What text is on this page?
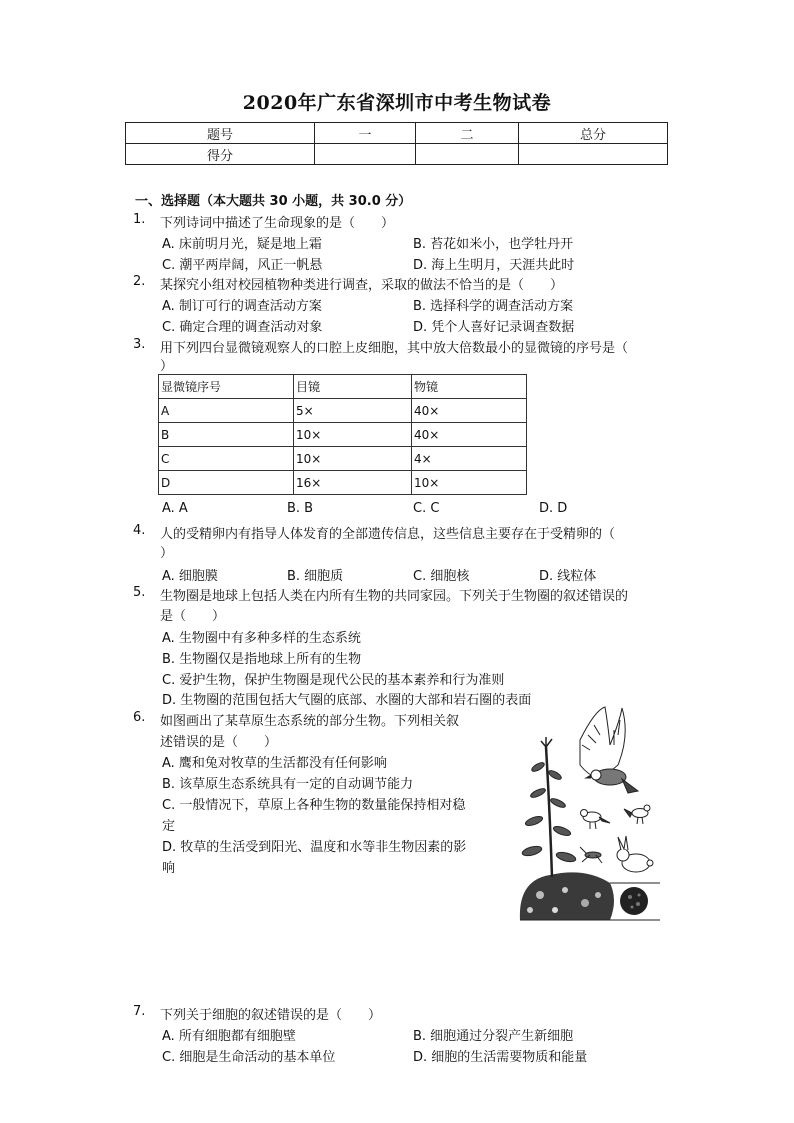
2020年广东省深圳市中考生物试卷
题号	一	二	总分
得分			
一、选择题（本大题共 30 小题，共 30.0 分）
1. 下列诗词中描述了生命现象的是（　　）
A. 床前明月光，疑是地上霜	B. 苔花如米小，也学牡丹开
C. 潮平两岸阔，风正一帆悬	D. 海上生明月，天涯共此时
2. 某探究小组对校园植物种类进行调查，采取的做法不恰当的是（　　）
A. 制订可行的调查活动方案	B. 选择科学的调查活动方案
C. 确定合理的调查活动对象	D. 凭个人喜好记录调查数据
3. 用下列四台显微镜观察人的口腔上皮细胞，其中放大倍数最小的显微镜的序号是（
）
显微镜序号	目镜	物镜
A	5×	40×
B	10×	40×
C	10×	4×
D	16×	10×
A. A	B. B	C. C	D. D
4. 人的受精卵内有指导人体发育的全部遗传信息，这些信息主要存在于受精卵的（
）
A. 细胞膜	B. 细胞质	C. 细胞核	D. 线粒体
5. 生物圈是地球上包括人类在内所有生物的共同家园。下列关于生物圈的叙述错误的
是（　　）
A. 生物圈中有多种多样的生态系统
B. 生物圈仅是指地球上所有的生物
C. 爱护生物，保护生物圈是现代公民的基本素养和行为准则
D. 生物圈的范围包括大气圈的底部、水圈的大部和岩石圈的表面
6. 如图画出了某草原生态系统的部分生物。下列相关叙
述错误的是（　　）
A. 鹰和兔对牧草的生活都没有任何影响
B. 该草原生态系统具有一定的自动调节能力
C. 一般情况下，草原上各种生物的数量能保持相对稳
定
D. 牧草的生活受到阳光、温度和水等非生物因素的影
响
7. 下列关于细胞的叙述错误的是（　　）
A. 所有细胞都有细胞壁	B. 细胞通过分裂产生新细胞
C. 细胞是生命活动的基本单位	D. 细胞的生活需要物质和能量
